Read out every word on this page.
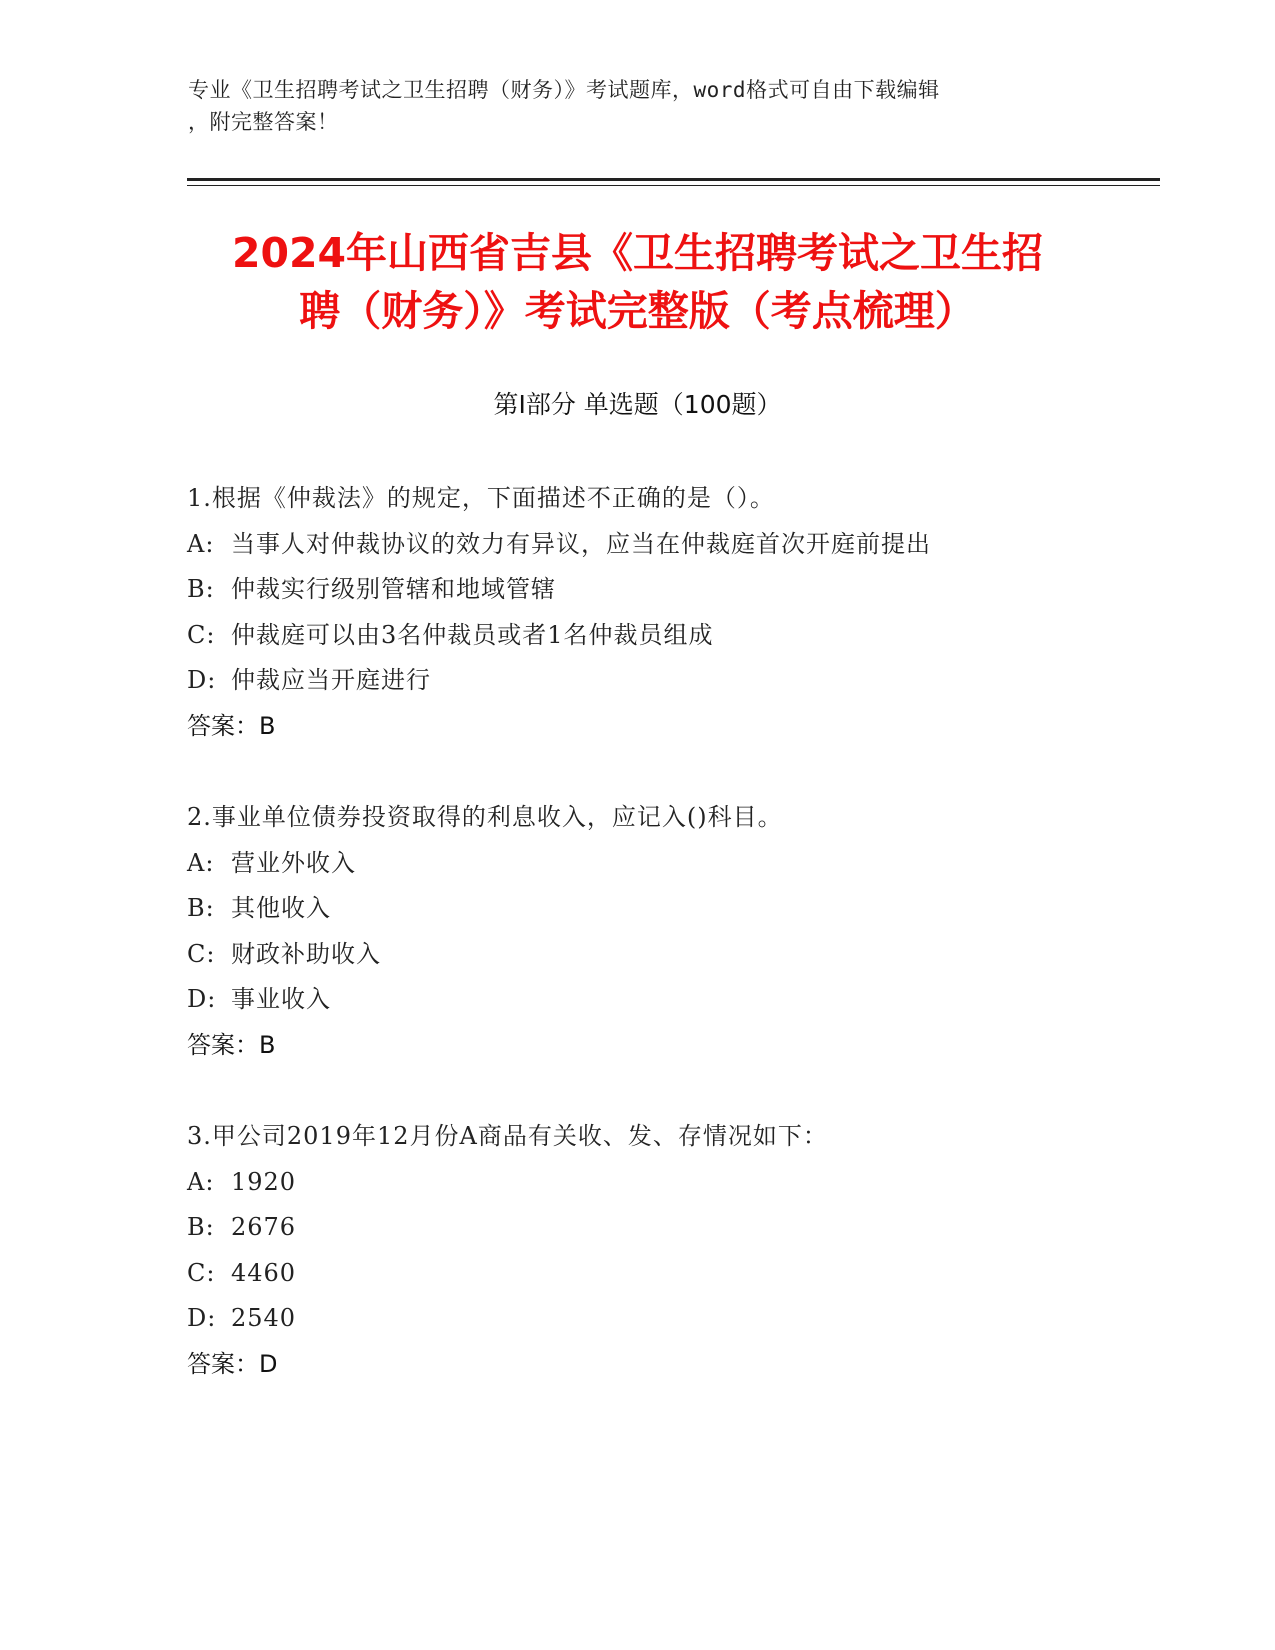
专业《卫生招聘考试之卫生招聘（财务）》考试题库，word格式可自由下载编辑
，附完整答案！
2024年山西省吉县《卫生招聘考试之卫生招
聘（财务）》考试完整版（考点梳理）
第Ⅰ部分 单选题（100题）
1.根据《仲裁法》的规定，下面描述不正确的是（）。
A: 当事人对仲裁协议的效力有异议，应当在仲裁庭首次开庭前提出
B: 仲裁实行级别管辖和地域管辖
C: 仲裁庭可以由3名仲裁员或者1名仲裁员组成
D: 仲裁应当开庭进行
答案：B
2.事业单位债券投资取得的利息收入，应记入()科目。
A: 营业外收入
B: 其他收入
C: 财政补助收入
D: 事业收入
答案：B
3.甲公司2019年12月份A商品有关收、发、存情况如下：
A: 1920
B: 2676
C: 4460
D: 2540
答案：D
